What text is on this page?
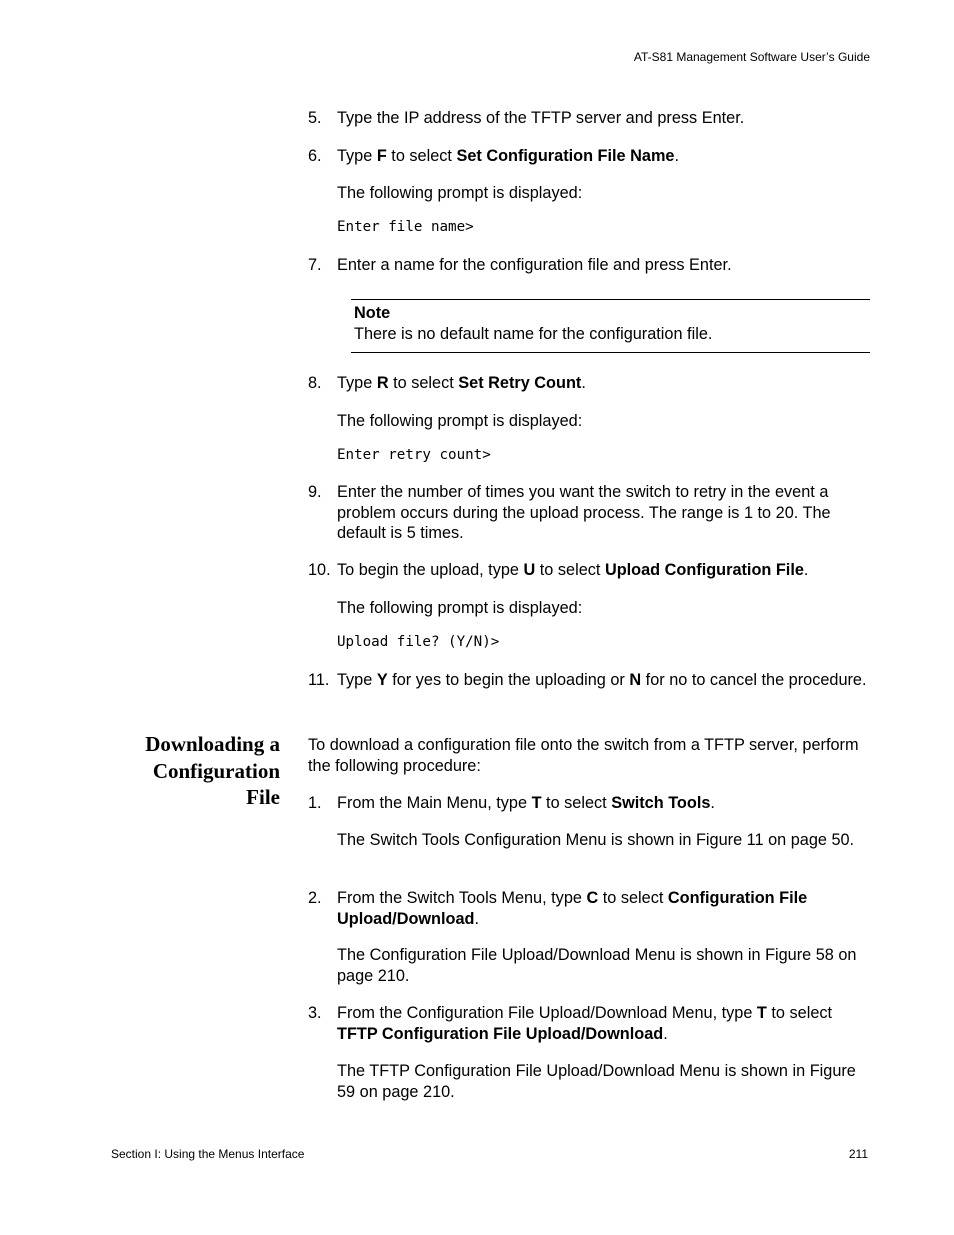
AT-S81 Management Software User’s Guide
5. Type the IP address of the TFTP server and press Enter.
6. Type F to select Set Configuration File Name.
The following prompt is displayed:
Enter file name>
7. Enter a name for the configuration file and press Enter.
Note
There is no default name for the configuration file.
8. Type R to select Set Retry Count.
The following prompt is displayed:
Enter retry count>
9. Enter the number of times you want the switch to retry in the event a problem occurs during the upload process. The range is 1 to 20. The default is 5 times.
10. To begin the upload, type U to select Upload Configuration File.
The following prompt is displayed:
Upload file? (Y/N)>
11. Type Y for yes to begin the uploading or N for no to cancel the procedure.
Downloading a
Configuration
File
To download a configuration file onto the switch from a TFTP server, perform the following procedure:
1. From the Main Menu, type T to select Switch Tools.
The Switch Tools Configuration Menu is shown in Figure 11 on page 50.
2. From the Switch Tools Menu, type C to select Configuration File Upload/Download.
The Configuration File Upload/Download Menu is shown in Figure 58 on page 210.
3. From the Configuration File Upload/Download Menu, type T to select TFTP Configuration File Upload/Download.
The TFTP Configuration File Upload/Download Menu is shown in Figure 59 on page 210.
Section I: Using the Menus Interface	211
